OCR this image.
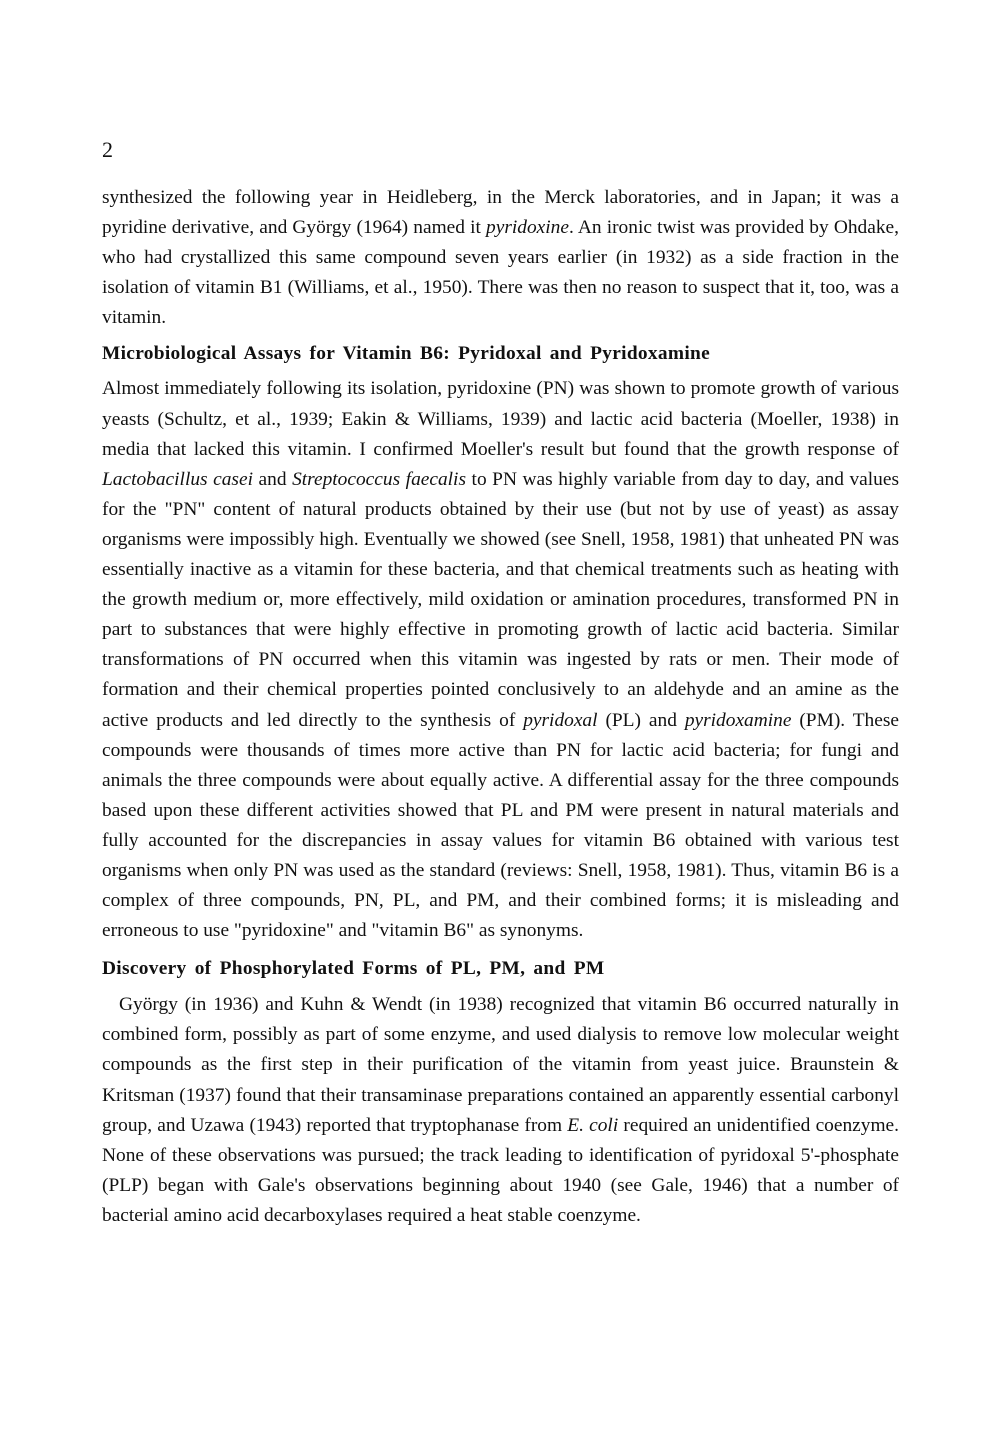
2

synthesized the following year in Heidleberg, in the Merck laboratories, and in Japan; it was a pyridine derivative, and György (1964) named it pyridoxine. An ironic twist was provided by Ohdake, who had crystallized this same compound seven years earlier (in 1932) as a side fraction in the isolation of vitamin B1 (Williams, et al., 1950). There was then no reason to suspect that it, too, was a vitamin.

Microbiological Assays for Vitamin B6: Pyridoxal and Pyridoxamine

Almost immediately following its isolation, pyridoxine (PN) was shown to promote growth of various yeasts (Schultz, et al., 1939; Eakin & Williams, 1939) and lactic acid bacteria (Moeller, 1938) in media that lacked this vitamin. I confirmed Moeller's result but found that the growth response of Lactobacillus casei and Streptococcus faecalis to PN was highly variable from day to day, and values for the "PN" content of natural products obtained by their use (but not by use of yeast) as assay organisms were impossibly high. Eventually we showed (see Snell, 1958, 1981) that unheated PN was essentially inactive as a vitamin for these bacteria, and that chemical treatments such as heating with the growth medium or, more effectively, mild oxidation or amination procedures, transformed PN in part to substances that were highly effective in promoting growth of lactic acid bacteria. Similar transformations of PN occurred when this vitamin was ingested by rats or men. Their mode of formation and their chemical properties pointed conclusively to an aldehyde and an amine as the active products and led directly to the synthesis of pyridoxal (PL) and pyridoxamine (PM). These compounds were thousands of times more active than PN for lactic acid bacteria; for fungi and animals the three compounds were about equally active. A differential assay for the three compounds based upon these different activities showed that PL and PM were present in natural materials and fully accounted for the discrepancies in assay values for vitamin B6 obtained with various test organisms when only PN was used as the standard (reviews: Snell, 1958, 1981). Thus, vitamin B6 is a complex of three compounds, PN, PL, and PM, and their combined forms; it is misleading and erroneous to use "pyridoxine" and "vitamin B6" as synonyms.

Discovery of Phosphorylated Forms of PL, PM, and PM

György (in 1936) and Kuhn & Wendt (in 1938) recognized that vitamin B6 occurred naturally in combined form, possibly as part of some enzyme, and used dialysis to remove low molecular weight compounds as the first step in their purification of the vitamin from yeast juice. Braunstein & Kritsman (1937) found that their transaminase preparations contained an apparently essential carbonyl group, and Uzawa (1943) reported that tryptophanase from E. coli required an unidentified coenzyme. None of these observations was pursued; the track leading to identification of pyridoxal 5'-phosphate (PLP) began with Gale's observations beginning about 1940 (see Gale, 1946) that a number of bacterial amino acid decarboxylases required a heat stable coenzyme.
